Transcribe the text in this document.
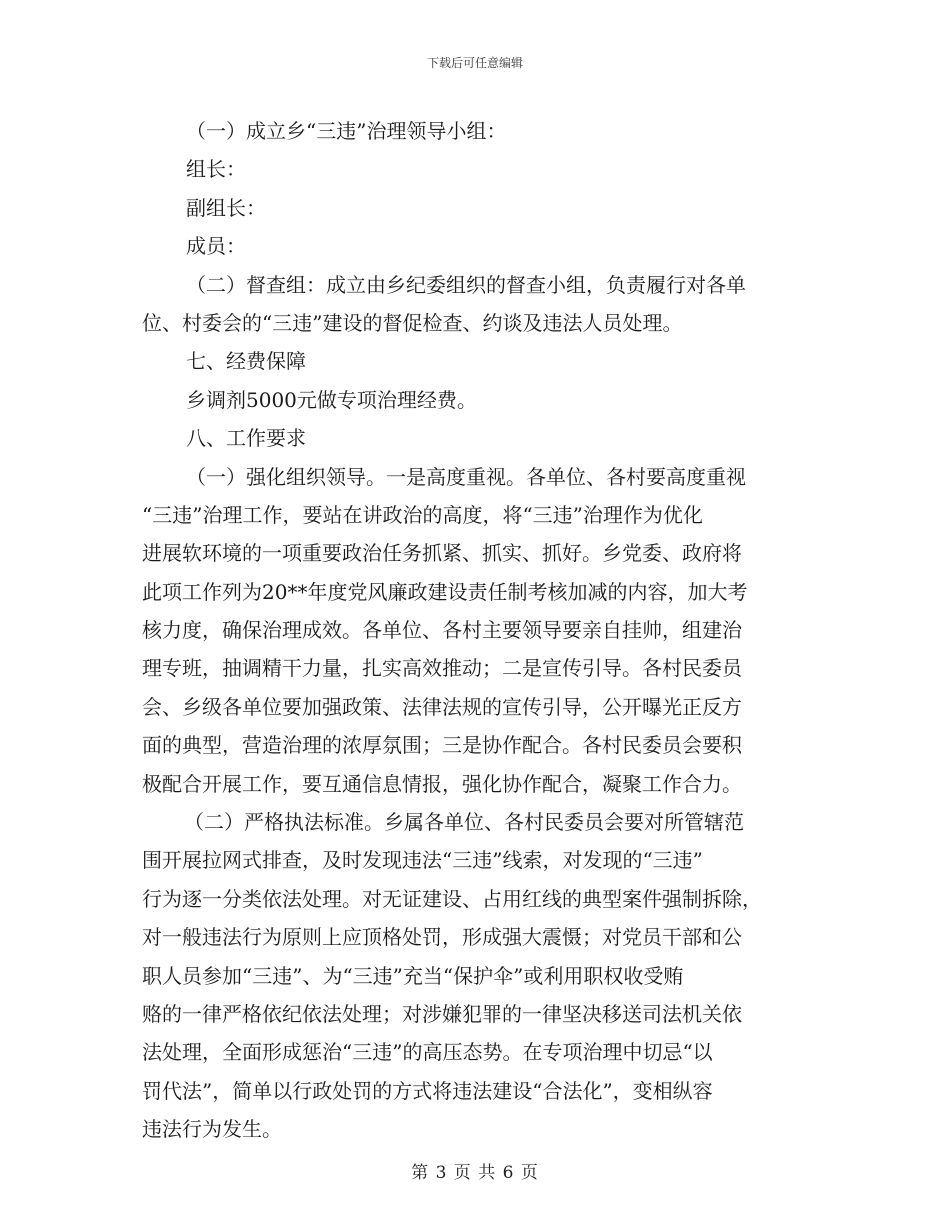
下载后可任意编辑
（一）成立乡“三违”治理领导小组：
组长：
副组长：
成员：
（二）督查组：成立由乡纪委组织的督查小组，负责履行对各单
位、村委会的“三违”建设的督促检查、约谈及违法人员处理。
七、经费保障
乡调剂5000元做专项治理经费。
八、工作要求
（一）强化组织领导。一是高度重视。各单位、各村要高度重视
“三违”治理工作，要站在讲政治的高度，将“三违”治理作为优化
进展软环境的一项重要政治任务抓紧、抓实、抓好。乡党委、政府将
此项工作列为20**年度党风廉政建设责任制考核加减的内容，加大考
核力度，确保治理成效。各单位、各村主要领导要亲自挂帅，组建治
理专班，抽调精干力量，扎实高效推动；二是宣传引导。各村民委员
会、乡级各单位要加强政策、法律法规的宣传引导，公开曝光正反方
面的典型，营造治理的浓厚氛围；三是协作配合。各村民委员会要积
极配合开展工作，要互通信息情报，强化协作配合，凝聚工作合力。
（二）严格执法标准。乡属各单位、各村民委员会要对所管辖范
围开展拉网式排查，及时发现违法“三违”线索，对发现的“三违”
行为逐一分类依法处理。对无证建设、占用红线的典型案件强制拆除，
对一般违法行为原则上应顶格处罚，形成强大震慑；对党员干部和公
职人员参加“三违”、为“三违”充当“保护伞”或利用职权收受贿
赂的一律严格依纪依法处理；对涉嫌犯罪的一律坚决移送司法机关依
法处理，全面形成惩治“三违”的高压态势。在专项治理中切忌“以
罚代法”，简单以行政处罚的方式将违法建设“合法化”，变相纵容
违法行为发生。
第 3 页 共 6 页
